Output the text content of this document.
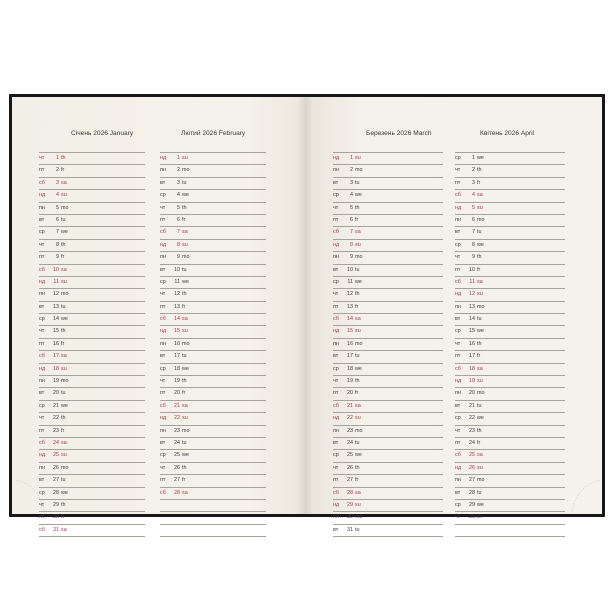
Січень 2026 January	Лютий 2026 February	Березень 2026 March	Квітень 2026 April
чт	1 th
пт	2 fr
сб	3 sa
нд	4 su
пн	5 mo
вт	6 tu
ср	7 we
чт	8 th
пт	9 fr
сб	10 sa
нд	11 su
пн	12 mo
вт	13 tu
ср	14 we
чт	15 th
пт	16 fr
сб	17 sa
нд	18 su
пн	19 mo
вт	20 tu
ср	21 we
чт	22 th
пт	23 fr
сб	24 sa
нд	25 su
пн	26 mo
вт	27 tu
ср	28 we
чт	29 th
пт	30 fr
сб	31 sa
нд	1 su
пн	2 mo
вт	3 tu
ср	4 we
чт	5 th
пт	6 fr
сб	7 sa
нд	8 su
пн	9 mo
вт	10 tu
ср	11 we
чт	12 th
пт	13 fr
сб	14 sa
нд	15 su
пн	16 mo
вт	17 tu
ср	18 we
чт	19 th
пт	20 fr
сб	21 sa
нд	22 su
пн	23 mo
вт	24 tu
ср	25 we
чт	26 th
пт	27 fr
сб	28 sa
нд	1 su
пн	2 mo
вт	3 tu
ср	4 we
чт	5 th
пт	6 fr
сб	7 sa
нд	8 su
пн	9 mo
вт	10 tu
ср	11 we
чт	12 th
пт	13 fr
сб	14 sa
нд	15 su
пн	16 mo
вт	17 tu
ср	18 we
чт	19 th
пт	20 fr
сб	21 sa
нд	22 su
пн	23 mo
вт	24 tu
ср	25 we
чт	26 th
пт	27 fr
сб	28 sa
нд	29 su
пн	30 mo
вт	31 tu
ср	1 we
чт	2 th
пт	3 fr
сб	4 sa
нд	5 su
пн	6 mo
вт	7 tu
ср	8 we
чт	9 th
пт	10 fr
сб	11 sa
нд	12 su
пн	13 mo
вт	14 tu
ср	15 we
чт	16 th
пт	17 fr
сб	18 sa
нд	19 su
пн	20 mo
вт	21 tu
ср	22 we
чт	23 th
пт	24 fr
сб	25 sa
нд	26 su
пн	27 mo
вт	28 tu
ср	29 we
чт	30 th
